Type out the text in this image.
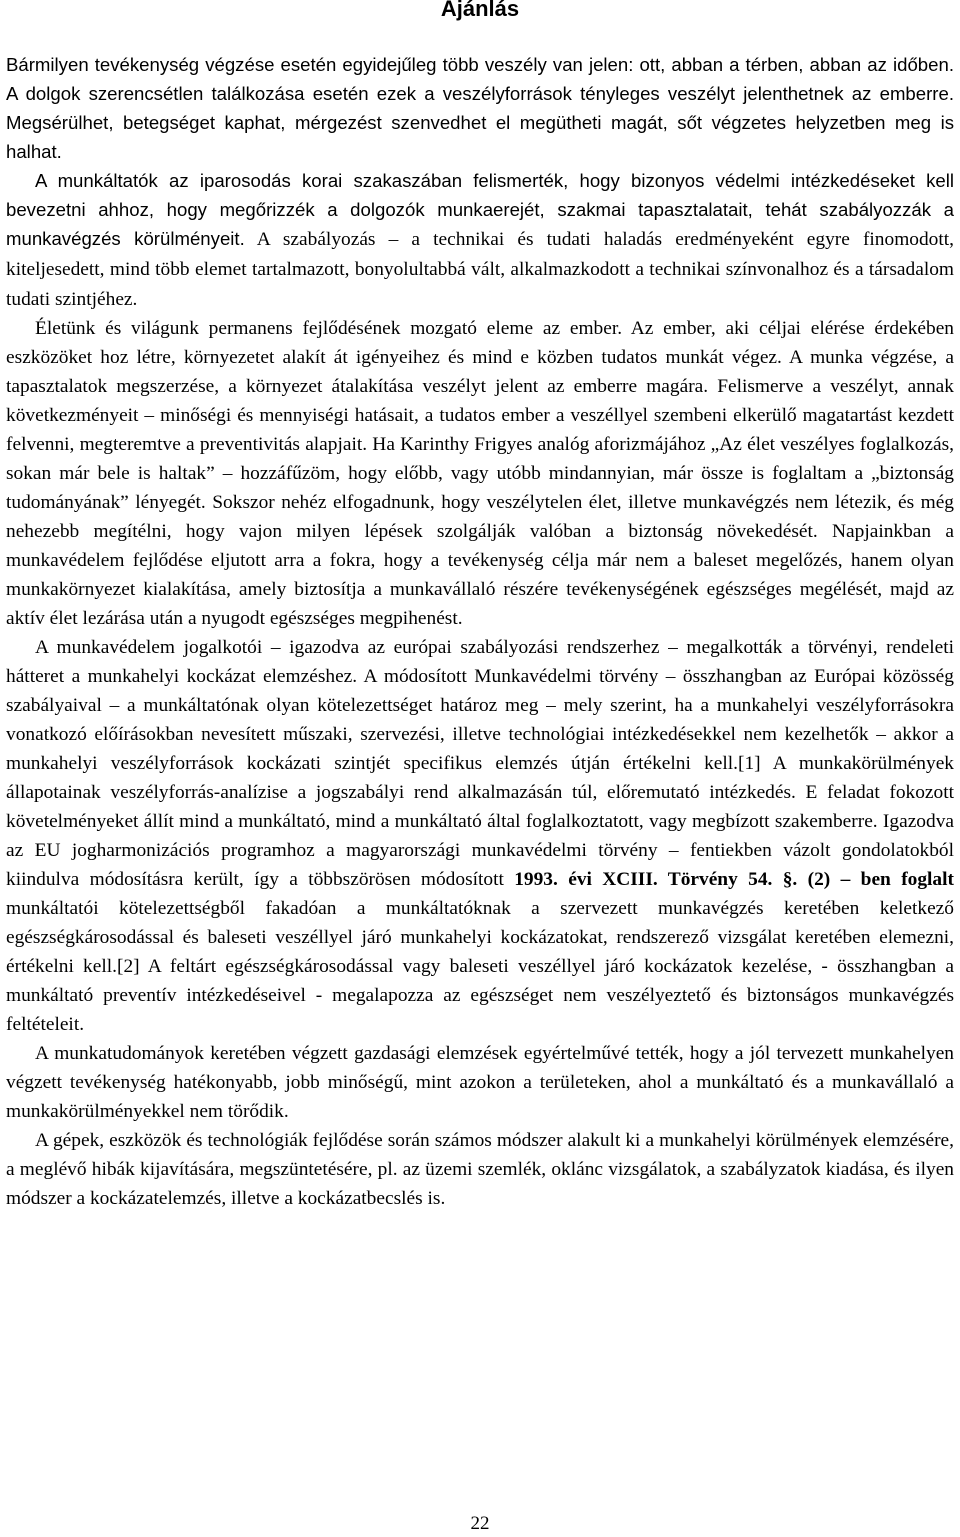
Ajánlás

Bármilyen tevékenység végzése esetén egyidejűleg több veszély van jelen: ott, abban a térben, abban az időben. A dolgok szerencsétlen találkozása esetén ezek a veszélyforrások tényleges veszélyt jelenthetnek az emberre. Megsérülhet, betegséget kaphat, mérgezést szenvedhet el megütheti magát, sőt végzetes helyzetben meg is halhat.

A munkáltatók az iparosodás korai szakaszában felismerték, hogy bizonyos védelmi intézkedéseket kell bevezetni ahhoz, hogy megőrizzék a dolgozók munkaerejét, szakmai tapasztalatait, tehát szabályozzák a munkavégzés körülményeit. A szabályozás – a technikai és tudati haladás eredményeként egyre finomodott, kiteljesedett, mind több elemet tartalmazott, bonyolultabbá vált, alkalmazkodott a technikai színvonalhoz és a társadalom tudati szintjéhez.

Életünk és világunk permanens fejlődésének mozgató eleme az ember. Az ember, aki céljai elérése érdekében eszközöket hoz létre, környezetet alakít át igényeihez és mind e közben tudatos munkát végez. A munka végzése, a tapasztalatok megszerzése, a környezet átalakítása veszélyt jelent az emberre magára. Felismerve a veszélyt, annak következményeit – minőségi és mennyiségi hatásait, a tudatos ember a veszéllyel szembeni elkerülő magatartást kezdett felvenni, megteremtve a preventivitás alapjait. Ha Karinthy Frigyes analóg aforizmájához „Az élet veszélyes foglalkozás, sokan már bele is haltak” – hozzáfűzöm, hogy előbb, vagy utóbb mindannyian, már össze is foglaltam a „biztonság tudományának” lényegét. Sokszor nehéz elfogadnunk, hogy veszélytelen élet, illetve munkavégzés nem létezik, és még nehezebb megítélni, hogy vajon milyen lépések szolgálják valóban a biztonság növekedését. Napjainkban a munkavédelem fejlődése eljutott arra a fokra, hogy a tevékenység célja már nem a baleset megelőzés, hanem olyan munkakörnyezet kialakítása, amely biztosítja a munkavállaló részére tevékenységének egészséges megélését, majd az aktív élet lezárása után a nyugodt egészséges megpihenést.

A munkavédelem jogalkotói – igazodva az európai szabályozási rendszerhez – megalkották a törvényi, rendeleti hátteret a munkahelyi kockázat elemzéshez. A módosított Munkavédelmi törvény – összhangban az Európai közösség szabályaival – a munkáltatónak olyan kötelezettséget határoz meg – mely szerint, ha a munkahelyi veszélyforrásokra vonatkozó előírásokban nevesített műszaki, szervezési, illetve technológiai intézkedésekkel nem kezelhetők – akkor a munkahelyi veszélyforrások kockázati szintjét specifikus elemzés útján értékelni kell.[1] A munkakörülmények állapotainak veszélyforrás-analízise a jogszabályi rend alkalmazásán túl, előremutató intézkedés. E feladat fokozott követelményeket állít mind a munkáltató, mind a munkáltató által foglalkoztatott, vagy megbízott szakemberre. Igazodva az EU jogharmonizációs programhoz a magyarországi munkavédelmi törvény – fentiekben vázolt gondolatokból kiindulva módosításra került, így a többszörösen módosított 1993. évi XCIII. Törvény 54. §. (2) – ben foglalt munkáltatói kötelezettségből fakadóan a munkáltatóknak a szervezett munkavégzés keretében keletkező egészségkárosodással és baleseti veszéllyel járó munkahelyi kockázatokat, rendszerező vizsgálat keretében elemezni, értékelni kell.[2] A feltárt egészségkárosodással vagy baleseti veszéllyel járó kockázatok kezelése, - összhangban a munkáltató preventív intézkedéseivel - megalapozza az egészséget nem veszélyeztető és biztonságos munkavégzés feltételeit.

A munkatudományok keretében végzett gazdasági elemzések egyértelművé tették, hogy a jól tervezett munkahelyen végzett tevékenység hatékonyabb, jobb minőségű, mint azokon a területeken, ahol a munkáltató és a munkavállaló a munkakörülményekkel nem törődik.

A gépek, eszközök és technológiák fejlődése során számos módszer alakult ki a munkahelyi körülmények elemzésére, a meglévő hibák kijavítására, megszüntetésére, pl. az üzemi szemlék, oklánc vizsgálatok, a szabályzatok kiadása, és ilyen módszer a kockázatelemzés, illetve a kockázatbecslés is.

22
